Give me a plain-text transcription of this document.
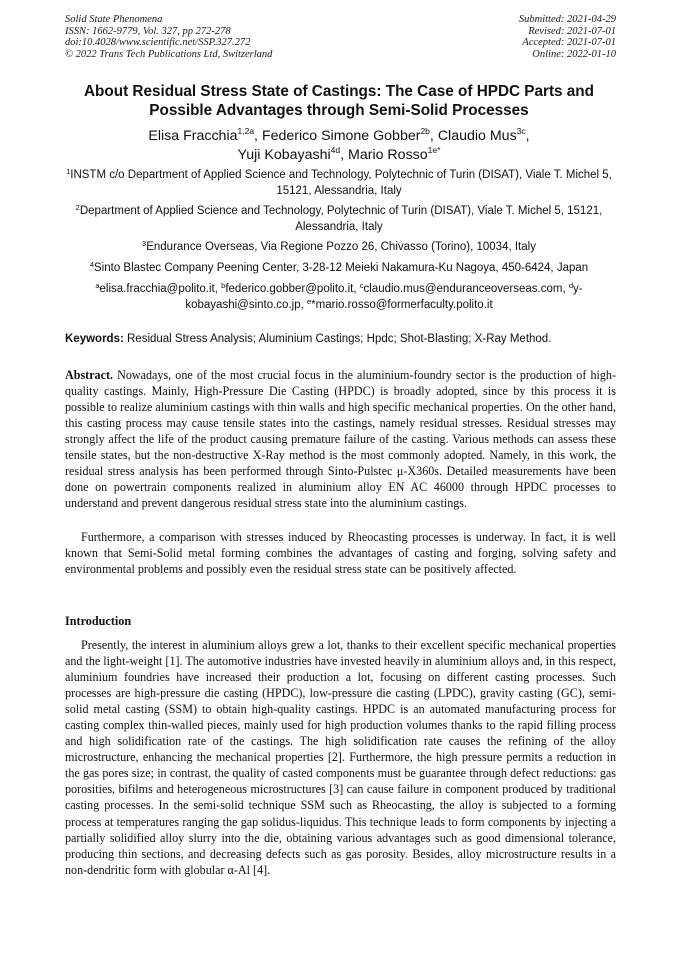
Solid State Phenomena
ISSN: 1662-9779, Vol. 327, pp 272-278
doi:10.4028/www.scientific.net/SSP.327.272
© 2022 Trans Tech Publications Ltd, Switzerland
Submitted: 2021-04-29
Revised: 2021-07-01
Accepted: 2021-07-01
Online: 2022-01-10
About Residual Stress State of Castings: The Case of HPDC Parts and
Possible Advantages through Semi-Solid Processes
Elisa Fracchia$^{1,2a}$, Federico Simone Gobber$^{2b}$, Claudio Mus$^{3c}$,
Yuji Kobayashi$^{4d}$, Mario Rosso$^{1e*}$
$^1$INSTM c/o Department of Applied Science and Technology, Polytechnic of Turin (DISAT), Viale T. Michel 5, 15121, Alessandria, Italy
$^2$Department of Applied Science and Technology, Polytechnic of Turin (DISAT), Viale T. Michel 5, 15121, Alessandria, Italy
$^3$Endurance Overseas, Via Regione Pozzo 26, Chivasso (Torino), 10034, Italy
$^4$Sinto Blastec Company Peening Center, 3-28-12 Meieki Nakamura-Ku Nagoya, 450-6424, Japan
$^a$elisa.fracchia@polito.it, $^b$federico.gobber@polito.it, $^c$claudio.mus@enduranceoverseas.com, $^d$y-kobayashi@sinto.co.jp, $^e$*mario.rosso@formerfaculty.polito.it
Keywords: Residual Stress Analysis; Aluminium Castings; Hpdc; Shot-Blasting; X-Ray Method.
Abstract. Nowadays, one of the most crucial focus in the aluminium-foundry sector is the production of high-quality castings. Mainly, High-Pressure Die Casting (HPDC) is broadly adopted, since by this process it is possible to realize aluminium castings with thin walls and high specific mechanical properties. On the other hand, this casting process may cause tensile states into the castings, namely residual stresses. Residual stresses may strongly affect the life of the product causing premature failure of the casting. Various methods can assess these tensile states, but the non-destructive X-Ray method is the most commonly adopted. Namely, in this work, the residual stress analysis has been performed through Sinto-Pulstec μ-X360s. Detailed measurements have been done on powertrain components realized in aluminium alloy EN AC 46000 through HPDC processes to understand and prevent dangerous residual stress state into the aluminium castings.
Furthermore, a comparison with stresses induced by Rheocasting processes is underway. In fact, it is well known that Semi-Solid metal forming combines the advantages of casting and forging, solving safety and environmental problems and possibly even the residual stress state can be positively affected.
Introduction
Presently, the interest in aluminium alloys grew a lot, thanks to their excellent specific mechanical properties and the light-weight [1]. The automotive industries have invested heavily in aluminium alloys and, in this respect, aluminium foundries have increased their production a lot, focusing on different casting processes. Such processes are high-pressure die casting (HPDC), low-pressure die casting (LPDC), gravity casting (GC), semi-solid metal casting (SSM) to obtain high-quality castings. HPDC is an automated manufacturing process for casting complex thin-walled pieces, mainly used for high production volumes thanks to the rapid filling process and high solidification rate of the castings. The high solidification rate causes the refining of the alloy microstructure, enhancing the mechanical properties [2]. Furthermore, the high pressure permits a reduction in the gas pores size; in contrast, the quality of casted components must be guarantee through defect reductions: gas porosities, bifilms and heterogeneous microstructures [3] can cause failure in component produced by traditional casting processes. In the semi-solid technique SSM such as Rheocasting, the alloy is subjected to a forming process at temperatures ranging the gap solidus-liquidus. This technique leads to form components by injecting a partially solidified alloy slurry into the die, obtaining various advantages such as good dimensional tolerance, producing thin sections, and decreasing defects such as gas porosity. Besides, alloy microstructure results in a non-dendritic form with globular α-Al [4].
